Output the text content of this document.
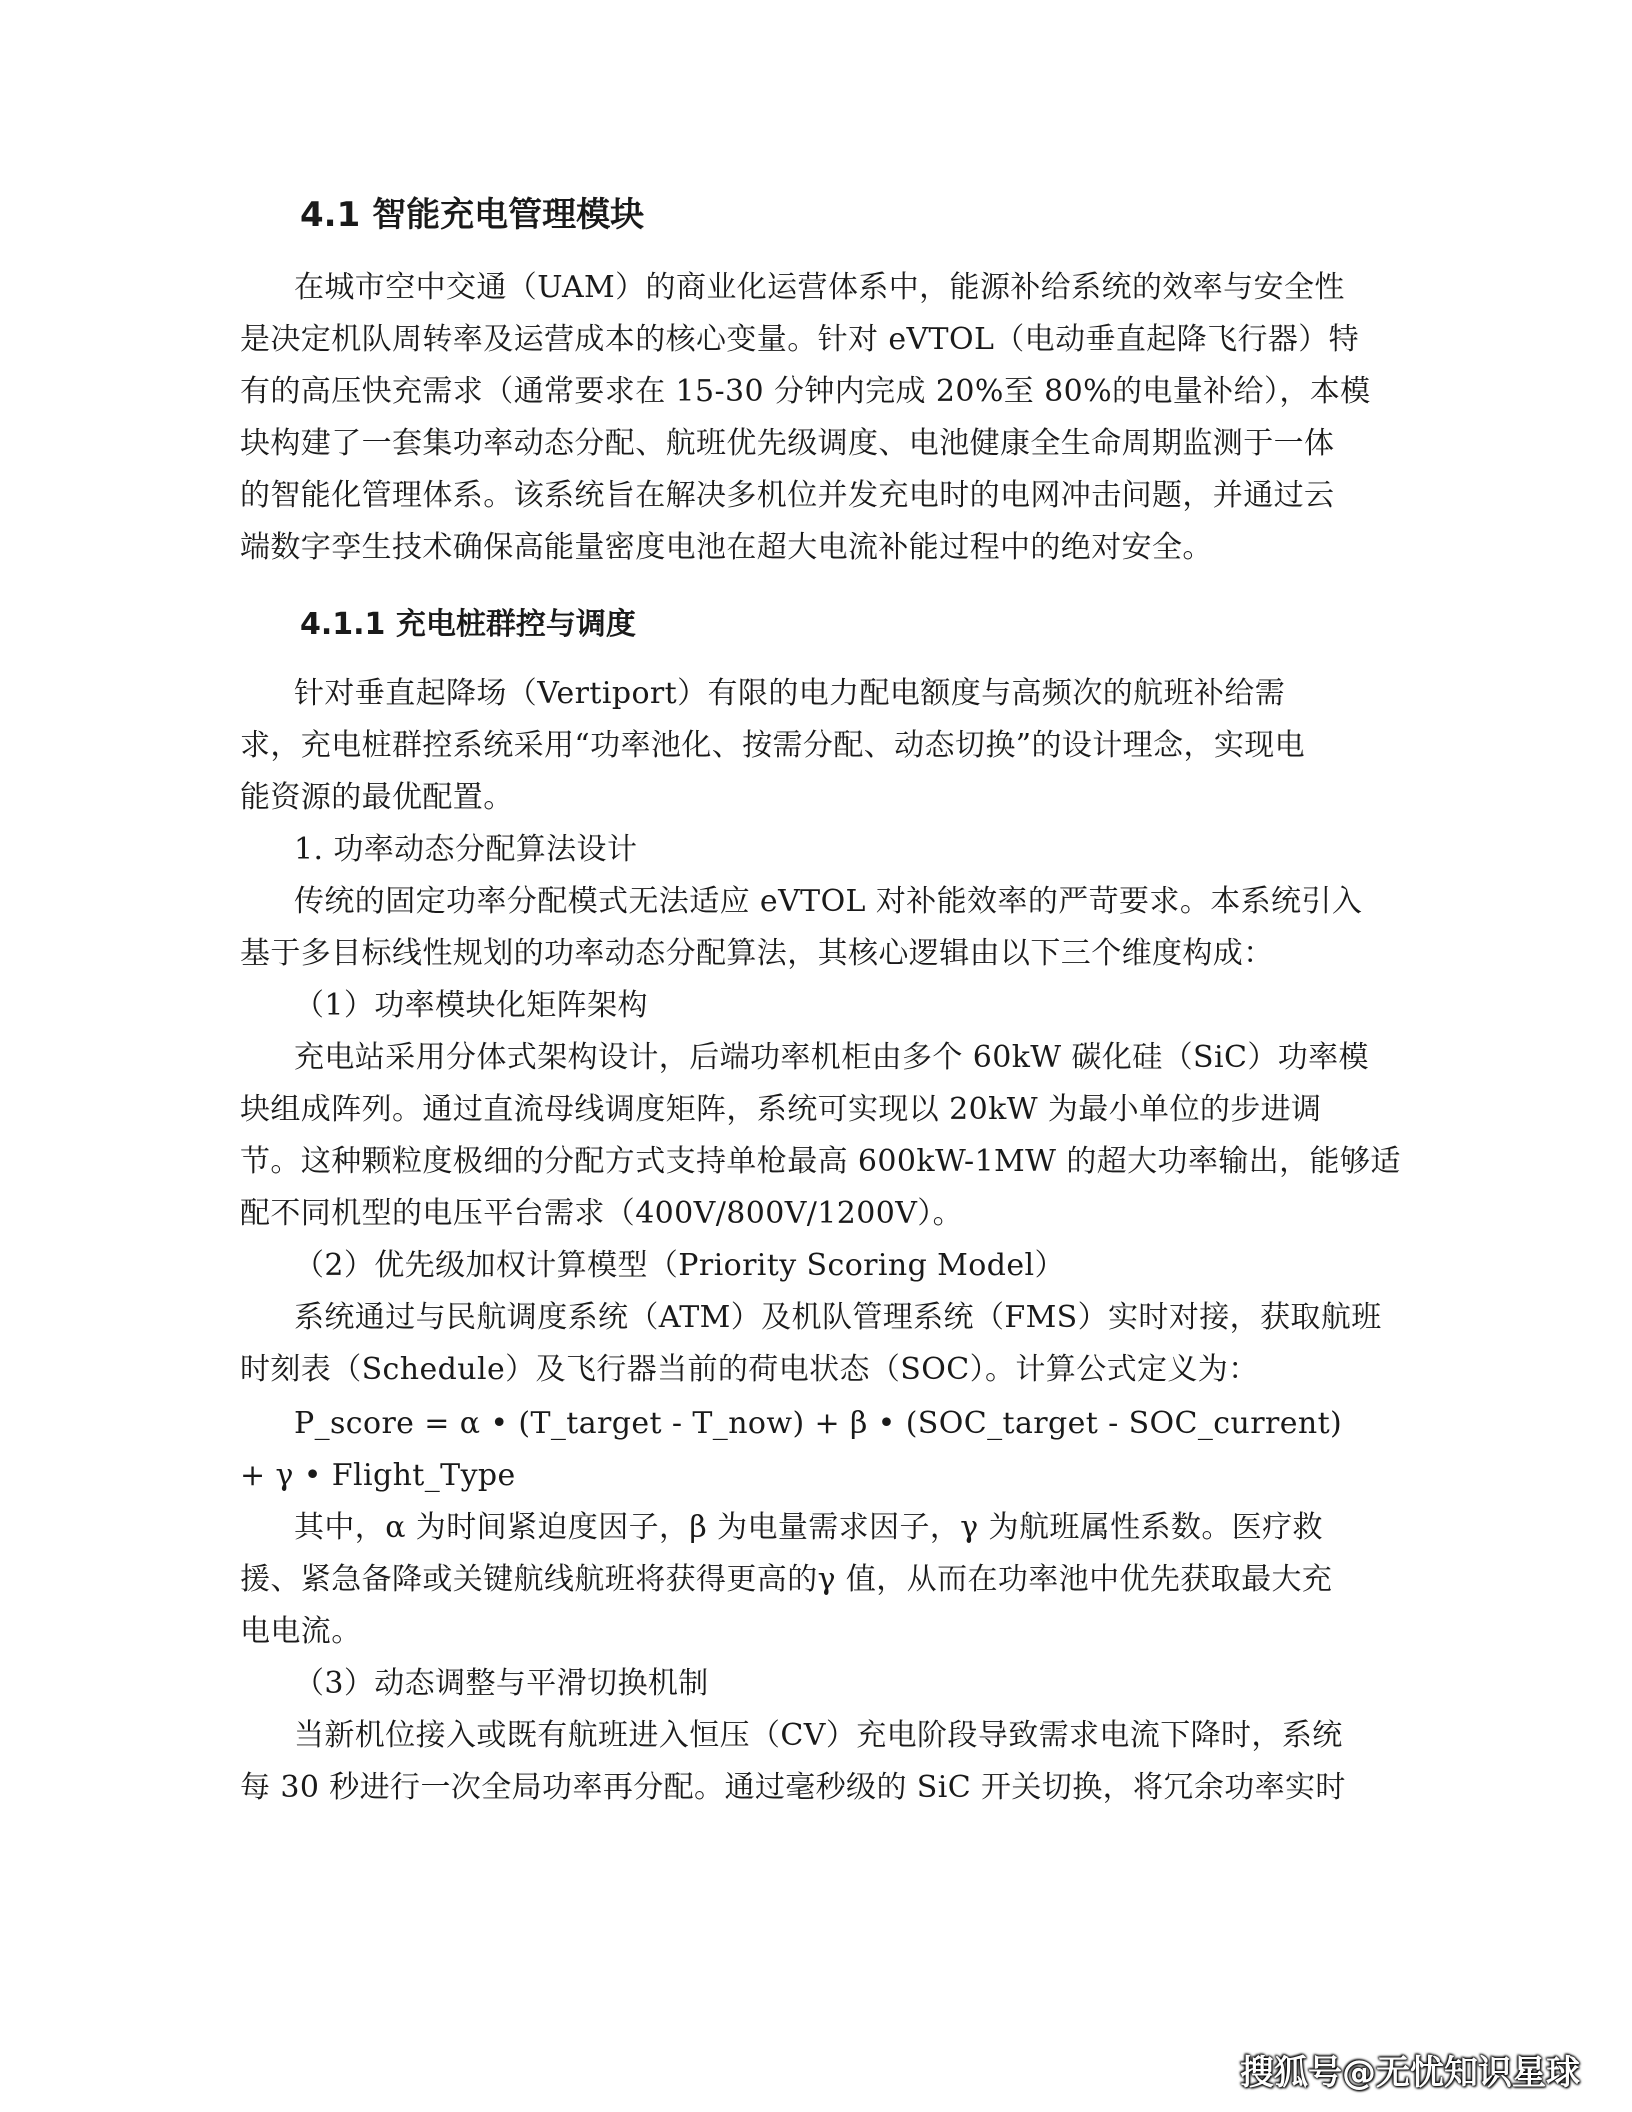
4.1 智能充电管理模块
在城市空中交通（UAM）的商业化运营体系中，能源补给系统的效率与安全性
是决定机队周转率及运营成本的核心变量。针对 eVTOL（电动垂直起降飞行器）特
有的高压快充需求（通常要求在 15-30 分钟内完成 20%至 80%的电量补给），本模
块构建了一套集功率动态分配、航班优先级调度、电池健康全生命周期监测于一体
的智能化管理体系。该系统旨在解决多机位并发充电时的电网冲击问题，并通过云
端数字孪生技术确保高能量密度电池在超大电流补能过程中的绝对安全。
4.1.1 充电桩群控与调度
针对垂直起降场（Vertiport）有限的电力配电额度与高频次的航班补给需
求，充电桩群控系统采用“功率池化、按需分配、动态切换”的设计理念，实现电
能资源的最优配置。
1. 功率动态分配算法设计
传统的固定功率分配模式无法适应 eVTOL 对补能效率的严苛要求。本系统引入
基于多目标线性规划的功率动态分配算法，其核心逻辑由以下三个维度构成：
（1）功率模块化矩阵架构
充电站采用分体式架构设计，后端功率机柜由多个 60kW 碳化硅（SiC）功率模
块组成阵列。通过直流母线调度矩阵，系统可实现以 20kW 为最小单位的步进调
节。这种颗粒度极细的分配方式支持单枪最高 600kW-1MW 的超大功率输出，能够适
配不同机型的电压平台需求（400V/800V/1200V）。
（2）优先级加权计算模型（Priority Scoring Model）
系统通过与民航调度系统（ATM）及机队管理系统（FMS）实时对接，获取航班
时刻表（Schedule）及飞行器当前的荷电状态（SOC）。计算公式定义为：
P_score = α • (T_target - T_now) + β • (SOC_target - SOC_current)
+ γ • Flight_Type
其中，α 为时间紧迫度因子，β 为电量需求因子，γ 为航班属性系数。医疗救
援、紧急备降或关键航线航班将获得更高的γ 值，从而在功率池中优先获取最大充
电电流。
（3）动态调整与平滑切换机制
当新机位接入或既有航班进入恒压（CV）充电阶段导致需求电流下降时，系统
每 30 秒进行一次全局功率再分配。通过毫秒级的 SiC 开关切换，将冗余功率实时
搜狐号@无忧知识星球
